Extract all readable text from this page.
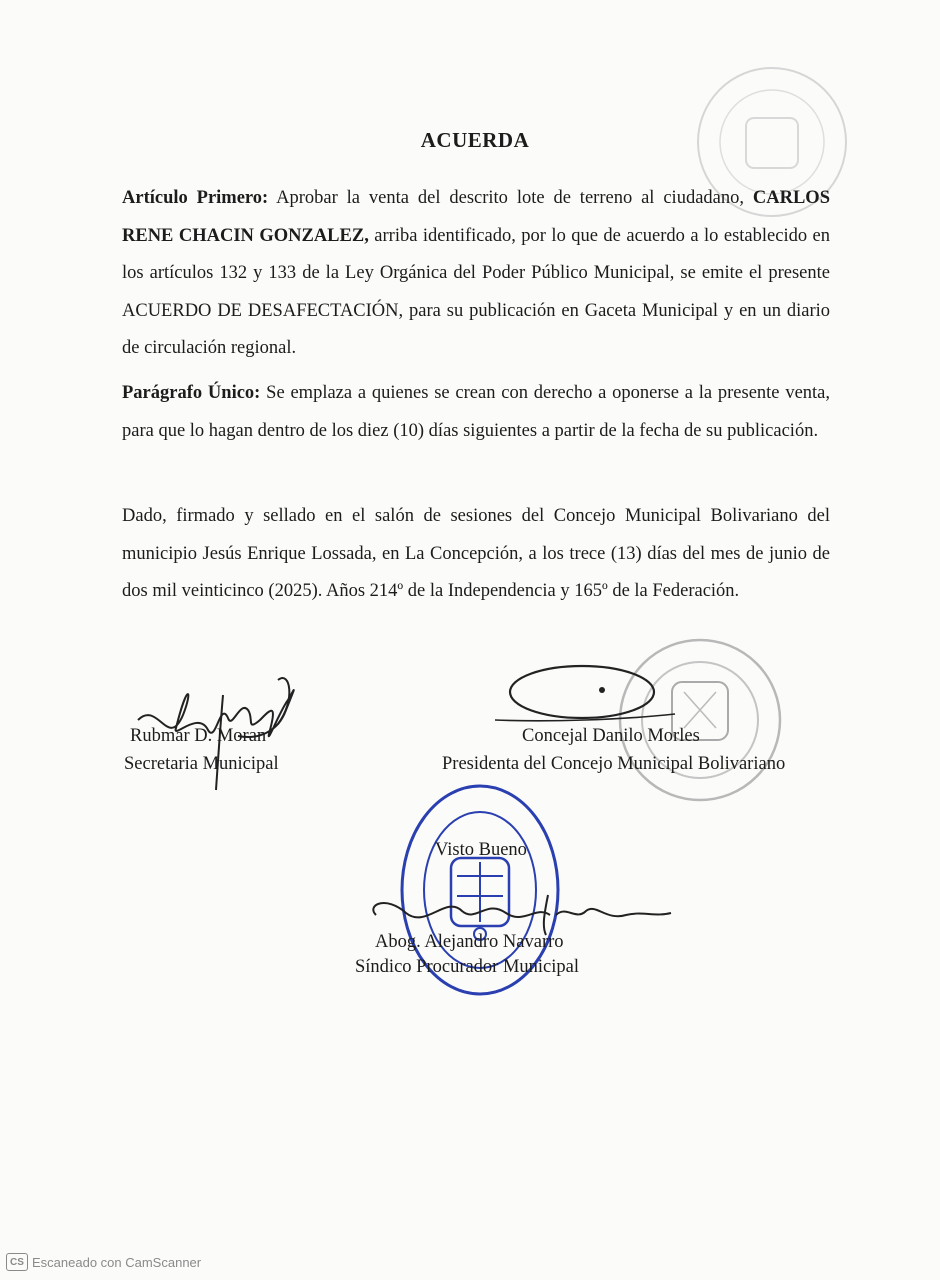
ACUERDA
Artículo Primero: Aprobar la venta del descrito lote de terreno al ciudadano, CARLOS RENE CHACIN GONZALEZ, arriba identificado, por lo que de acuerdo a lo establecido en los artículos 132 y 133 de la Ley Orgánica del Poder Público Municipal, se emite el presente ACUERDO DE DESAFECTACIÓN, para su publicación en Gaceta Municipal y en un diario de circulación regional.
Parágrafo Único: Se emplaza a quienes se crean con derecho a oponerse a la presente venta, para que lo hagan dentro de los diez (10) días siguientes a partir de la fecha de su publicación.
Dado, firmado y sellado en el salón de sesiones del Concejo Municipal Bolivariano del municipio Jesús Enrique Lossada, en La Concepción, a los trece (13) días del mes de junio de dos mil veinticinco (2025). Años 214º de la Independencia y 165º de la Federación.
Rubmar D. Moran
Secretaria Municipal
Concejal Danilo Morles
Presidenta del Concejo Municipal Bolivariano
Visto Bueno
Abog. Alejandro Navarro
Síndico Procurador Municipal
CS Escaneado con CamScanner
